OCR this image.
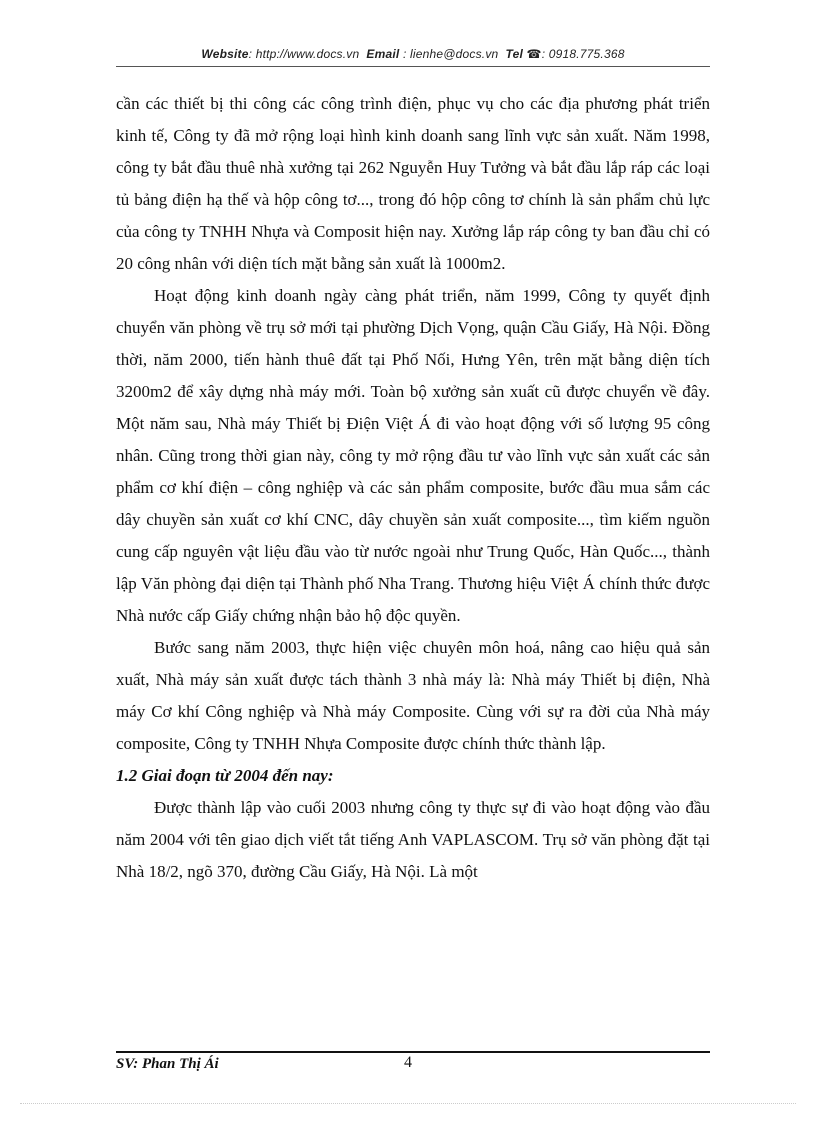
Website: http://www.docs.vn Email : lienhe@docs.vn Tel ☎: 0918.775.368

cần các thiết bị thi công các công trình điện, phục vụ cho các địa phương phát triển kinh tế, Công ty đã mở rộng loại hình kinh doanh sang lĩnh vực sản xuất. Năm 1998, công ty bắt đầu thuê nhà xưởng tại 262 Nguyễn Huy Tưởng và bắt đầu lắp ráp các loại tủ bảng điện hạ thế và hộp công tơ..., trong đó hộp công tơ chính là sản phẩm chủ lực của công ty TNHH Nhựa và Composit hiện nay. Xưởng lắp ráp công ty ban đầu chỉ có 20 công nhân với diện tích mặt bằng sản xuất là 1000m2.

Hoạt động kinh doanh ngày càng phát triển, năm 1999, Công ty quyết định chuyển văn phòng về trụ sở mới tại phường Dịch Vọng, quận Cầu Giấy, Hà Nội. Đồng thời, năm 2000, tiến hành thuê đất tại Phố Nối, Hưng Yên, trên mặt bằng diện tích 3200m2 để xây dựng nhà máy mới. Toàn bộ xưởng sản xuất cũ được chuyển về đây. Một năm sau, Nhà máy Thiết bị Điện Việt Á đi vào hoạt động với số lượng 95 công nhân. Cũng trong thời gian này, công ty mở rộng đầu tư vào lĩnh vực sản xuất các sản phẩm cơ khí điện – công nghiệp và các sản phẩm composite, bước đầu mua sắm các dây chuyền sản xuất cơ khí CNC, dây chuyền sản xuất composite..., tìm kiếm nguồn cung cấp nguyên vật liệu đầu vào từ nước ngoài như Trung Quốc, Hàn Quốc..., thành lập Văn phòng đại diện tại Thành phố Nha Trang. Thương hiệu Việt Á chính thức được Nhà nước cấp Giấy chứng nhận bảo hộ độc quyền.

Bước sang năm 2003, thực hiện việc chuyên môn hoá, nâng cao hiệu quả sản xuất, Nhà máy sản xuất được tách thành 3 nhà máy là: Nhà máy Thiết bị điện, Nhà máy Cơ khí Công nghiệp và Nhà máy Composite. Cùng với sự ra đời của Nhà máy composite, Công ty TNHH Nhựa Composite được chính thức thành lập.

1.2 Giai đoạn từ 2004 đến nay:

Được thành lập vào cuối 2003 nhưng công ty thực sự đi vào hoạt động vào đầu năm 2004 với tên giao dịch viết tắt tiếng Anh VAPLASCOM. Trụ sở văn phòng đặt tại Nhà 18/2, ngõ 370, đường Cầu Giấy, Hà Nội. Là một

SV: Phan Thị Ái	4
